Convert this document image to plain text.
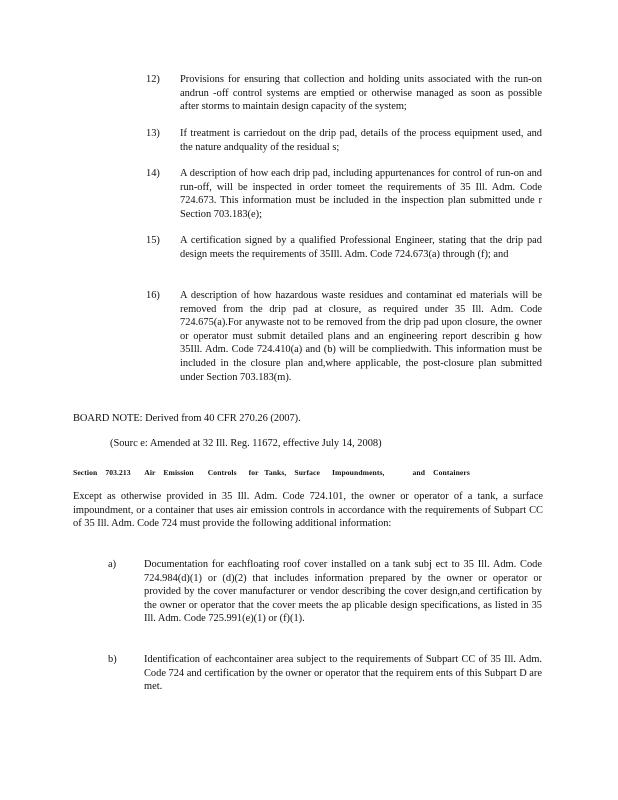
12) Provisions for ensuring that collection and holding units associated with the run-on andrun -off control systems are emptied or otherwise managed as soon as possible after storms to maintain design capacity of the system;
13) If treatment is carriedout on the drip pad, details of the process equipment used, and the nature andquality of the residual s;
14) A description of how each drip pad, including appurtenances for control of run-on and run-off, will be inspected in order tomeet the requirements of 35 Ill. Adm. Code 724.673. This information must be included in the inspection plan submitted unde r Section 703.183(e);
15) A certification signed by a qualified Professional Engineer, stating that the drip pad design meets the requirements of 35Ill. Adm. Code 724.673(a) through (f); and
16) A description of how hazardous waste residues and contaminat ed materials will be removed from the drip pad at closure, as required under 35 Ill. Adm. Code 724.675(a).For anywaste not to be removed from the drip pad upon closure, the owner or operator must submit detailed plans and an engineering report describin g how 35Ill. Adm. Code 724.410(a) and (b) will be compliedwith. This information must be included in the closure plan and,where applicable, the post-closure plan submitted under Section 703.183(m).
BOARD NOTE: Derived from 40 CFR 270.26 (2007).
(Sourc e: Amended at 32 Ill. Reg. 11672, effective July 14, 2008)
Section    703.213       Air    Emission       Controls      for   Tanks,    Surface      Impoundments,              and    Containers
Except as otherwise provided in 35 Ill. Adm. Code 724.101, the owner or operator of a tank, a surface impoundment, or a container that uses air emission controls in accordance with the requirements of Subpart CC of 35 Ill. Adm. Code 724 must provide the following additional information:
a)	Documentation for eachfloating roof cover installed on a tank subj ect to 35 Ill. Adm. Code 724.984(d)(1) or (d)(2) that includes information prepared by the owner or operator or provided by the cover manufacturer or vendor describing the cover design,and certification by the owner or operator that the cover meets the ap plicable design specifications, as listed in 35 Ill. Adm. Code 725.991(e)(1) or (f)(1).
b)	Identification of eachcontainer area subject to the requirements of Subpart CC of 35 Ill. Adm. Code 724 and certification by the owner or operator that the requirem ents of this Subpart D are met.
